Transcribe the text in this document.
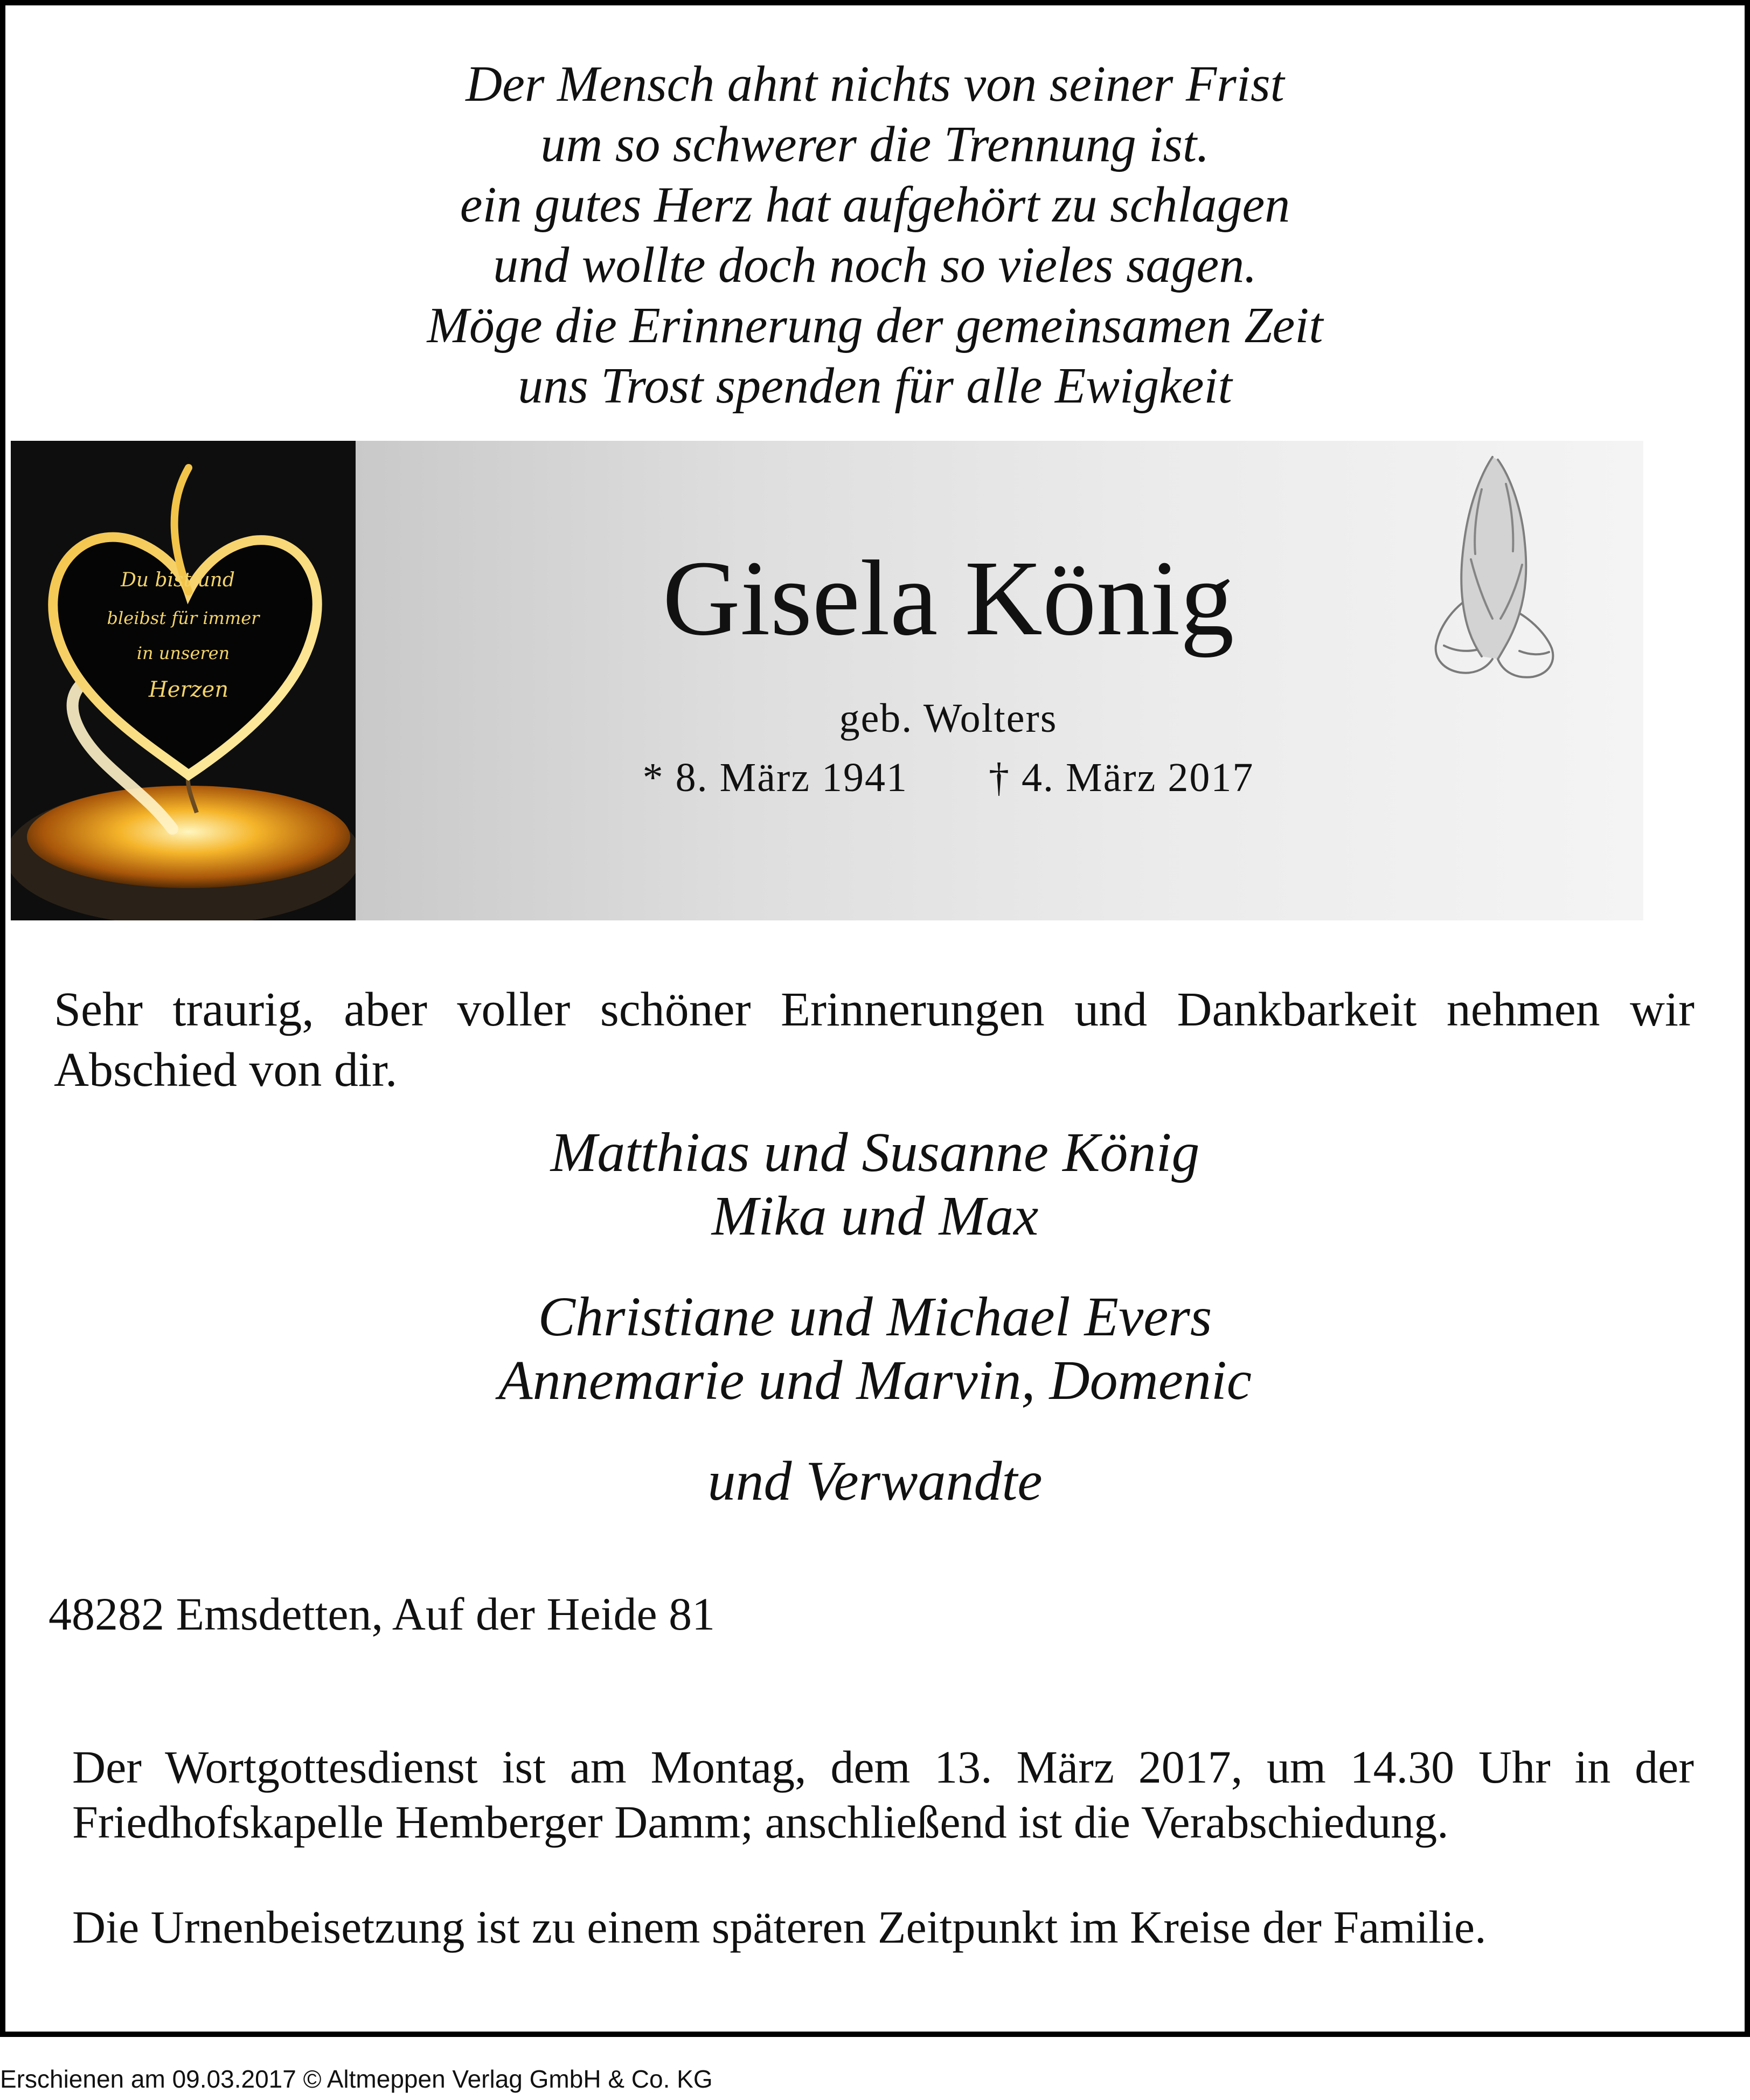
Der Mensch ahnt nichts von seiner Frist
um so schwerer die Trennung ist.
ein gutes Herz hat aufgehört zu schlagen
und wollte doch noch so vieles sagen.
Möge die Erinnerung der gemeinsamen Zeit
uns Trost spenden für alle Ewigkeit
Du bist und
bleibst für immer
in unseren
Herzen
Gisela König
geb. Wolters
* 8. März 1941 † 4. März 2017
Sehr traurig, aber voller schöner Erinnerungen und Dankbarkeit nehmen wir Abschied von dir.
Matthias und Susanne König
Mika und Max
Christiane und Michael Evers
Annemarie und Marvin, Domenic
und Verwandte
48282 Emsdetten, Auf der Heide 81
Der Wortgottesdienst ist am Montag, dem 13. März 2017, um 14.30 Uhr in der Friedhofskapelle Hemberger Damm; anschließend ist die Verabschiedung.
Die Urnenbeisetzung ist zu einem späteren Zeitpunkt im Kreise der Familie.
Erschienen am 09.03.2017 © Altmeppen Verlag GmbH & Co. KG
